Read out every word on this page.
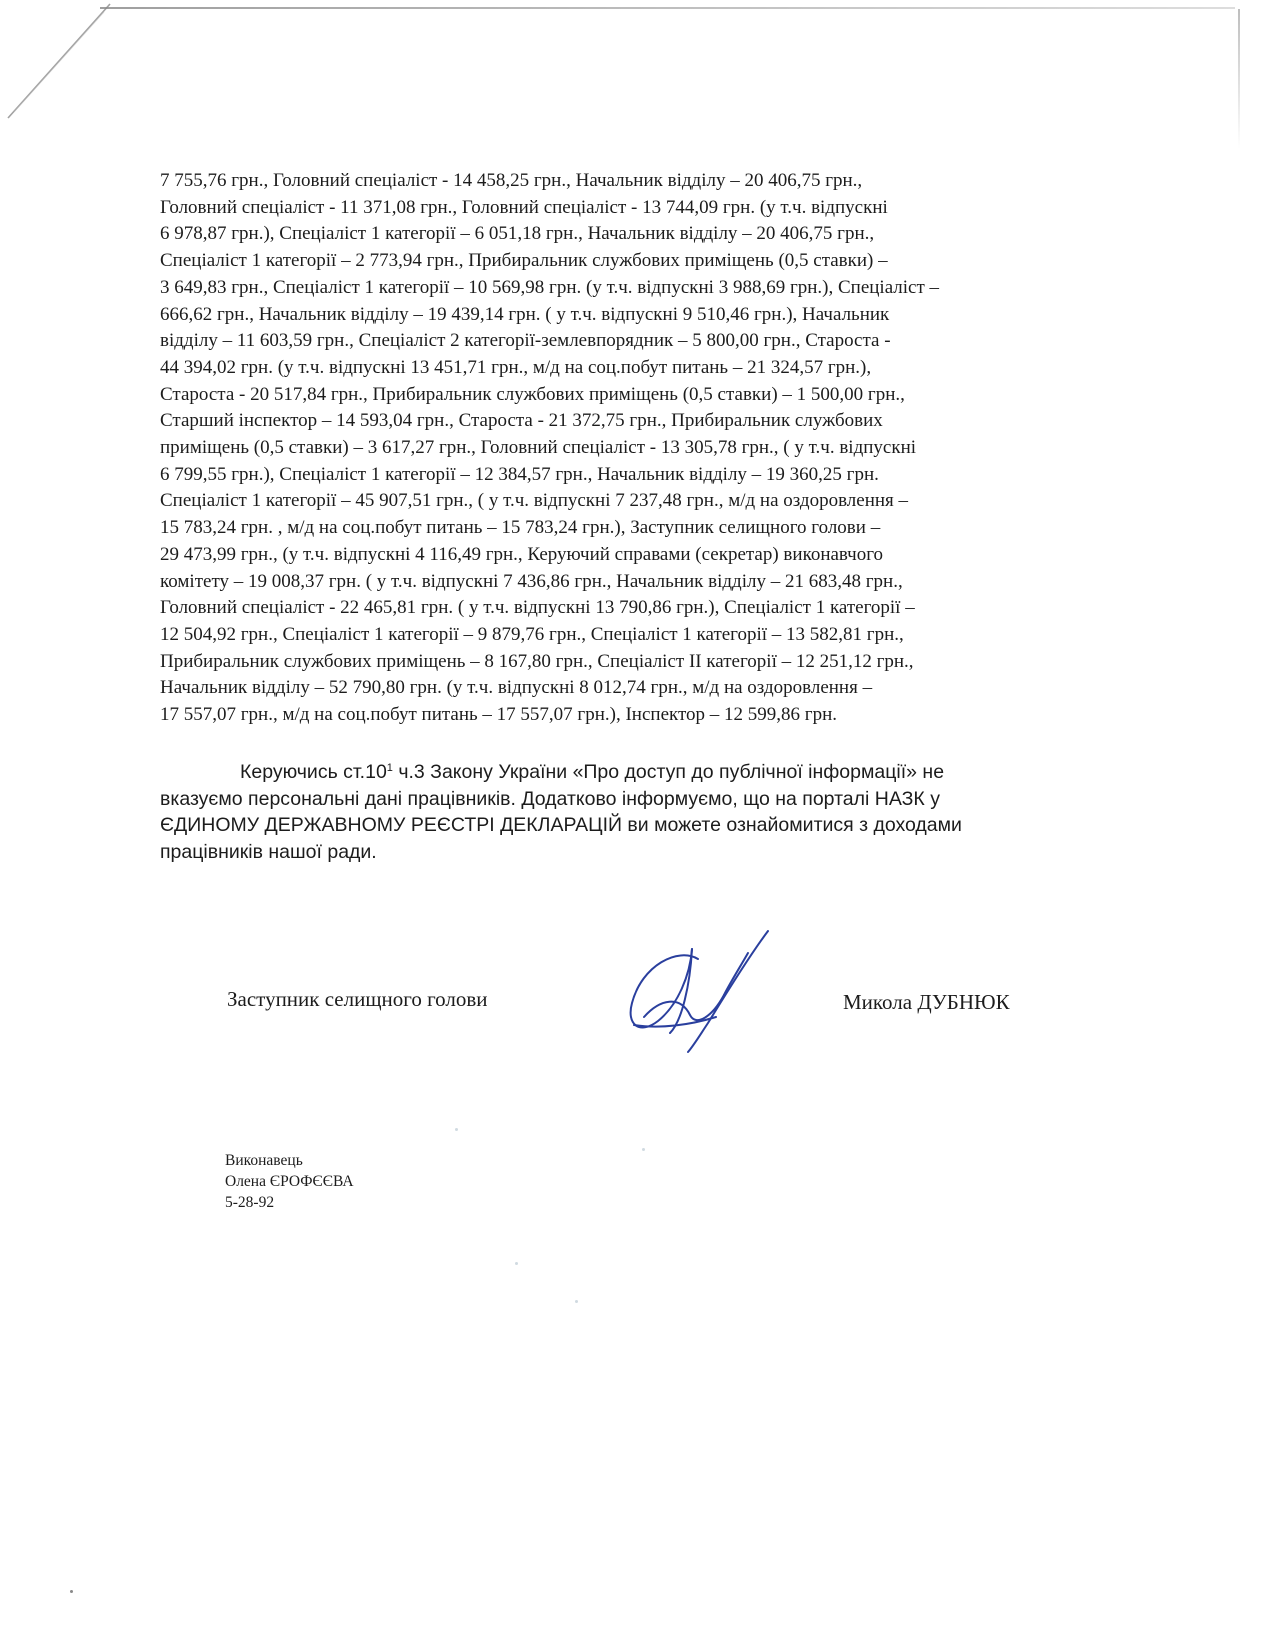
7 755,76 грн., Головний спеціаліст - 14 458,25 грн., Начальник відділу – 20 406,75 грн.,
Головний спеціаліст - 11 371,08 грн., Головний спеціаліст - 13 744,09 грн. (у т.ч. відпускні
6 978,87 грн.), Спеціаліст 1 категорії – 6 051,18 грн., Начальник відділу – 20 406,75 грн.,
Спеціаліст 1 категорії – 2 773,94 грн., Прибиральник службових приміщень (0,5 ставки) –
3 649,83 грн., Спеціаліст 1 категорії – 10 569,98 грн. (у т.ч. відпускні 3 988,69 грн.), Спеціаліст –
666,62 грн., Начальник відділу – 19 439,14 грн. ( у т.ч. відпускні 9 510,46 грн.), Начальник
відділу – 11 603,59 грн., Спеціаліст 2 категорії-землевпорядник – 5 800,00 грн., Староста -
44 394,02 грн. (у т.ч. відпускні 13 451,71 грн., м/д на соц.побут питань – 21 324,57 грн.),
Староста - 20 517,84 грн., Прибиральник службових приміщень (0,5 ставки) – 1 500,00 грн.,
Старший інспектор – 14 593,04 грн., Староста - 21 372,75 грн., Прибиральник службових
приміщень (0,5 ставки) – 3 617,27 грн., Головний спеціаліст - 13 305,78 грн., ( у т.ч. відпускні
6 799,55 грн.), Спеціаліст 1 категорії – 12 384,57 грн., Начальник відділу – 19 360,25 грн.
Спеціаліст 1 категорії – 45 907,51 грн., ( у т.ч. відпускні 7 237,48 грн., м/д на оздоровлення –
15 783,24 грн. , м/д на соц.побут питань – 15 783,24 грн.), Заступник селищного голови –
29 473,99 грн., (у т.ч. відпускні 4 116,49 грн., Керуючий справами (секретар) виконавчого
комітету – 19 008,37 грн. ( у т.ч. відпускні 7 436,86 грн., Начальник відділу – 21 683,48 грн.,
Головний спеціаліст - 22 465,81 грн. ( у т.ч. відпускні 13 790,86 грн.), Спеціаліст 1 категорії –
12 504,92 грн., Спеціаліст 1 категорії – 9 879,76 грн., Спеціаліст 1 категорії – 13 582,81 грн.,
Прибиральник службових приміщень – 8 167,80 грн., Спеціаліст ІІ категорії – 12 251,12 грн.,
Начальник відділу – 52 790,80 грн. (у т.ч. відпускні 8 012,74 грн., м/д на оздоровлення –
17 557,07 грн., м/д на соц.побут питань – 17 557,07 грн.), Інспектор – 12 599,86 грн.
Керуючись $ст.10^1$ ч.3 Закону України «Про доступ до публічної інформації» не
вказуємо персональні дані працівників. Додатково інформуємо, що на порталі НАЗК у
ЄДИНОМУ ДЕРЖАВНОМУ РЕЄСТРІ ДЕКЛАРАЦІЙ ви можете ознайомитися з доходами
працівників нашої ради.
Заступник селищного голови	Микола ДУБНЮК
Виконавець
Олена ЄРОФЄЄВА
5-28-92
